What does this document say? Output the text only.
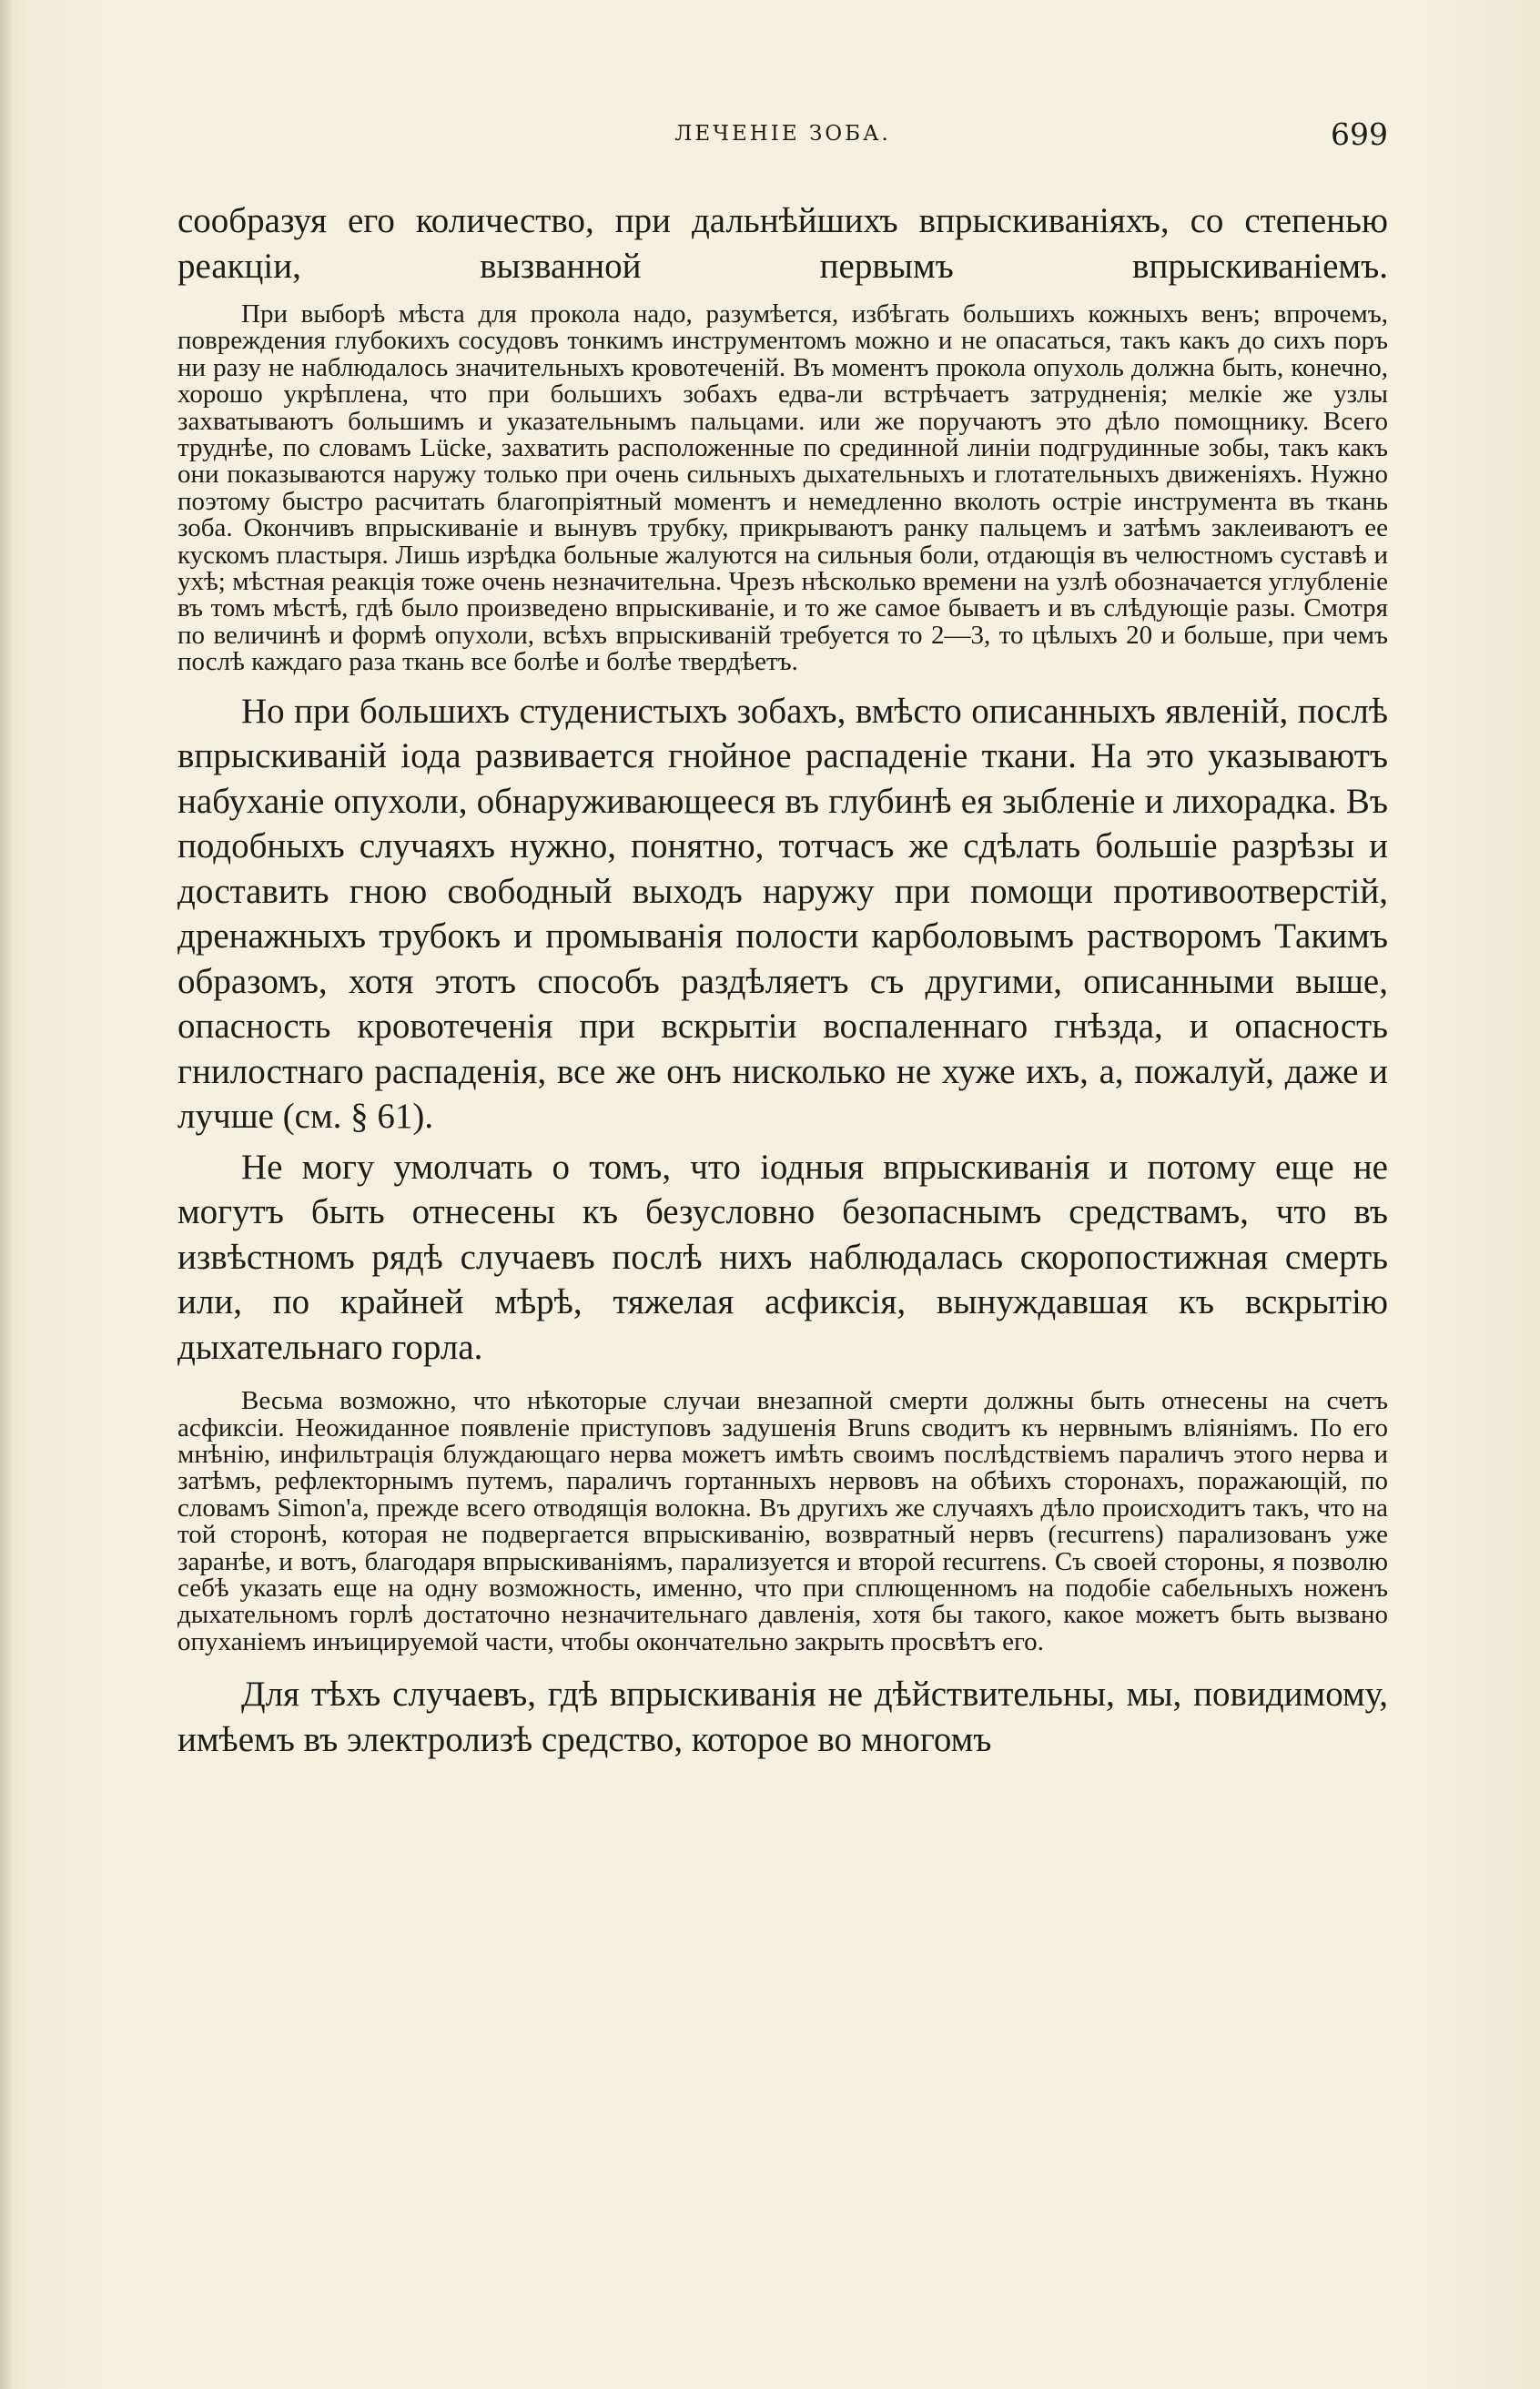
ЛЕЧЕНІЕ ЗОБА.	699

сообразуя его количество, при дальнѣйшихъ впрыскиваніяхъ, со степенью реакціи, вызванной первымъ впрыскиваніемъ.

При выборѣ мѣста для прокола надо, разумѣется, избѣгать большихъ кожныхъ венъ; впрочемъ, повреждения глубокихъ сосудовъ тонкимъ инструментомъ можно и не опасаться, такъ какъ до сихъ поръ ни разу не наблюдалось значительныхъ кровотеченій. Въ моментъ прокола опухоль должна быть, конечно, хорошо укрѣплена, что при большихъ зобахъ едва-ли встрѣчаетъ затрудненія; мелкіе же узлы захватываютъ большимъ и указательнымъ пальцами. или же поручаютъ это дѣло помощнику. Всего труднѣе, по словамъ Lücke, захватить расположенные по срединной линіи подгрудинные зобы, такъ какъ они показываются наружу только при очень сильныхъ дыхательныхъ и глотательныхъ движеніяхъ. Нужно поэтому быстро расчитать благопріятный моментъ и немедленно вколоть остріе инструмента въ ткань зоба. Окончивъ впрыскиваніе и вынувъ трубку, прикрываютъ ранку пальцемъ и затѣмъ заклеиваютъ ее кускомъ пластыря. Лишь изрѣдка больные жалуются на сильныя боли, отдающія въ челюстномъ суставѣ и ухѣ; мѣстная реакція тоже очень незначительна. Чрезъ нѣсколько времени на узлѣ обозначается углубленіе въ томъ мѣстѣ, гдѣ было произведено впрыскиваніе, и то же самое бываетъ и въ слѣдующіе разы. Смотря по величинѣ и формѣ опухоли, всѣхъ впрыскиваній требуется то 2—3, то цѣлыхъ 20 и больше, при чемъ послѣ каждаго раза ткань все болѣе и болѣе твердѣетъ.

Но при большихъ студенистыхъ зобахъ, вмѣсто описанныхъ явленій, послѣ впрыскиваній іода развивается гнойное распаденіе ткани. На это указываютъ набуханіе опухоли, обнаруживающееся въ глубинѣ ея зыбленіе и лихорадка. Въ подобныхъ случаяхъ нужно, понятно, тотчасъ же сдѣлать большіе разрѣзы и доставить гною свободный выходъ наружу при помощи противоотверстій, дренажныхъ трубокъ и промыванія полости карболовымъ растворомъ Такимъ образомъ, хотя этотъ способъ раздѣляетъ съ другими, описанными выше, опасность кровотеченія при вскрытіи воспаленнаго гнѣзда, и опасность гнилостнаго распаденія, все же онъ нисколько не хуже ихъ, а, пожалуй, даже и лучше (см. § 61).

Не могу умолчать о томъ, что іодныя впрыскиванія и потому еще не могутъ быть отнесены къ безусловно безопаснымъ средствамъ, что въ извѣстномъ рядѣ случаевъ послѣ нихъ наблюдалась скоропостижная смерть или, по крайней мѣрѣ, тяжелая асфиксія, вынуждавшая къ вскрытію дыхательнаго горла.

Весьма возможно, что нѣкоторые случаи внезапной смерти должны быть отнесены на счетъ асфиксіи. Неожиданное появленіе приступовъ задушенія Bruns сводитъ къ нервнымъ вліяніямъ. По его мнѣнію, инфильтрація блуждающаго нерва можетъ имѣть своимъ послѣдствіемъ параличъ этого нерва и затѣмъ, рефлекторнымъ путемъ, параличъ гортанныхъ нервовъ на обѣихъ сторонахъ, поражающій, по словамъ Simon'а, прежде всего отводящія волокна. Въ другихъ же случаяхъ дѣло происходитъ такъ, что на той сторонѣ, которая не подвергается впрыскиванію, возвратный нервъ (recurrens) парализованъ уже заранѣе, и вотъ, благодаря впрыскиваніямъ, парализуется и второй recurrens. Съ своей стороны, я позволю себѣ указать еще на одну возможность, именно, что при сплющенномъ на подобіе сабельныхъ ноженъ дыхательномъ горлѣ достаточно незначительнаго давленія, хотя бы такого, какое можетъ быть вызвано опуханіемъ инъицируемой части, чтобы окончательно закрыть просвѣтъ его.

Для тѣхъ случаевъ, гдѣ впрыскиванія не дѣйствительны, мы, повидимому, имѣемъ въ электролизѣ средство, которое во многомъ
